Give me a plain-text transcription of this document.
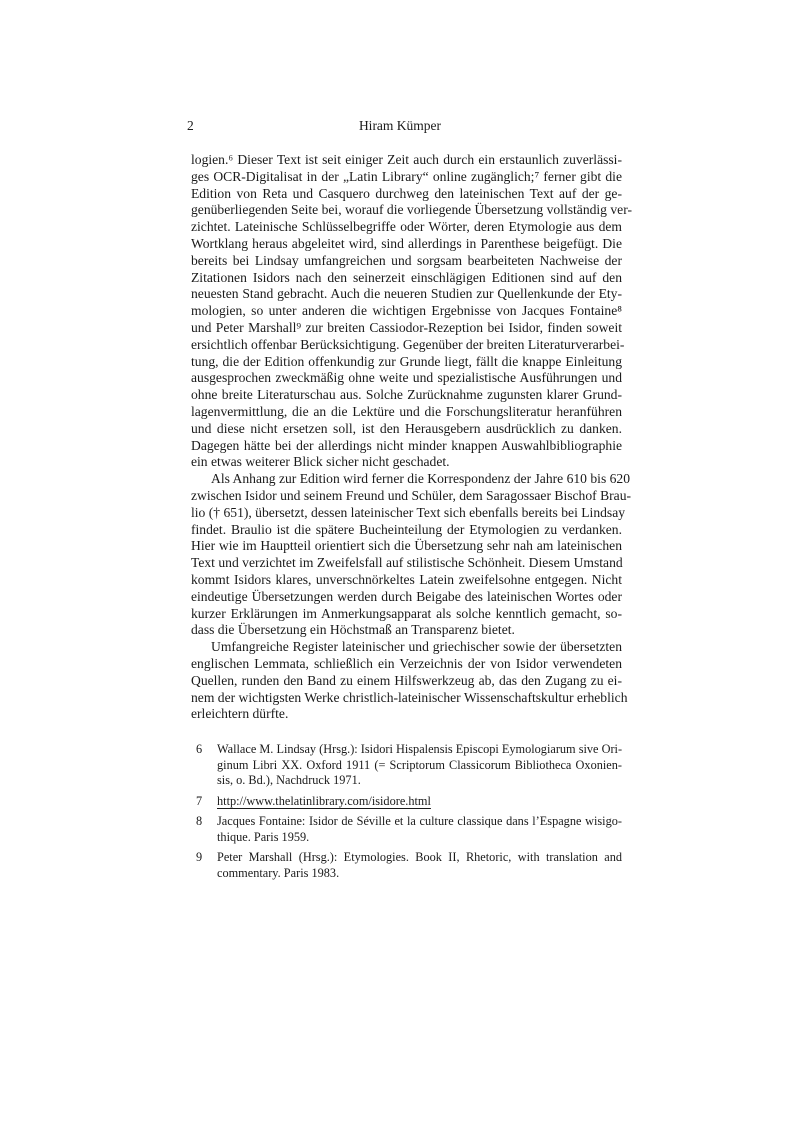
2	Hiram Kümper
logien.⁶ Dieser Text ist seit einiger Zeit auch durch ein erstaunlich zuverlässi-
ges OCR-Digitalisat in der „Latin Library“ online zugänglich;⁷ ferner gibt die
Edition von Reta und Casquero durchweg den lateinischen Text auf der ge-
genüberliegenden Seite bei, worauf die vorliegende Übersetzung vollständig ver-
zichtet. Lateinische Schlüsselbegriffe oder Wörter, deren Etymologie aus dem
Wortklang heraus abgeleitet wird, sind allerdings in Parenthese beigefügt. Die
bereits bei Lindsay umfangreichen und sorgsam bearbeiteten Nachweise der
Zitationen Isidors nach den seinerzeit einschlägigen Editionen sind auf den
neuesten Stand gebracht. Auch die neueren Studien zur Quellenkunde der Ety-
mologien, so unter anderen die wichtigen Ergebnisse von Jacques Fontaine⁸
und Peter Marshall⁹ zur breiten Cassiodor-Rezeption bei Isidor, finden soweit
ersichtlich offenbar Berücksichtigung. Gegenüber der breiten Literaturverarbei-
tung, die der Edition offenkundig zur Grunde liegt, fällt die knappe Einleitung
ausgesprochen zweckmäßig ohne weite und spezialistische Ausführungen und
ohne breite Literaturschau aus. Solche Zurücknahme zugunsten klarer Grund-
lagenvermittlung, die an die Lektüre und die Forschungsliteratur heranführen
und diese nicht ersetzen soll, ist den Herausgebern ausdrücklich zu danken.
Dagegen hätte bei der allerdings nicht minder knappen Auswahlbibliographie
ein etwas weiterer Blick sicher nicht geschadet.
Als Anhang zur Edition wird ferner die Korrespondenz der Jahre 610 bis 620
zwischen Isidor und seinem Freund und Schüler, dem Saragossaer Bischof Brau-
lio († 651), übersetzt, dessen lateinischer Text sich ebenfalls bereits bei Lindsay
findet. Braulio ist die spätere Bucheinteilung der Etymologien zu verdanken.
Hier wie im Hauptteil orientiert sich die Übersetzung sehr nah am lateinischen
Text und verzichtet im Zweifelsfall auf stilistische Schönheit. Diesem Umstand
kommt Isidors klares, unverschnörkeltes Latein zweifelsohne entgegen. Nicht
eindeutige Übersetzungen werden durch Beigabe des lateinischen Wortes oder
kurzer Erklärungen im Anmerkungsapparat als solche kenntlich gemacht, so-
dass die Übersetzung ein Höchstmaß an Transparenz bietet.
Umfangreiche Register lateinischer und griechischer sowie der übersetzten
englischen Lemmata, schließlich ein Verzeichnis der von Isidor verwendeten
Quellen, runden den Band zu einem Hilfswerkzeug ab, das den Zugang zu ei-
nem der wichtigsten Werke christlich-lateinischer Wissenschaftskultur erheblich
erleichtern dürfte.
6 Wallace M. Lindsay (Hrsg.): Isidori Hispalensis Episcopi Eymologiarum sive Ori-
ginum Libri XX. Oxford 1911 (= Scriptorum Classicorum Bibliotheca Oxonien-
sis, o. Bd.), Nachdruck 1971.
7 http://www.thelatinlibrary.com/isidore.html
8 Jacques Fontaine: Isidor de Séville et la culture classique dans l’Espagne wisigo-
thique. Paris 1959.
9 Peter Marshall (Hrsg.): Etymologies. Book II, Rhetoric, with translation and
commentary. Paris 1983.
